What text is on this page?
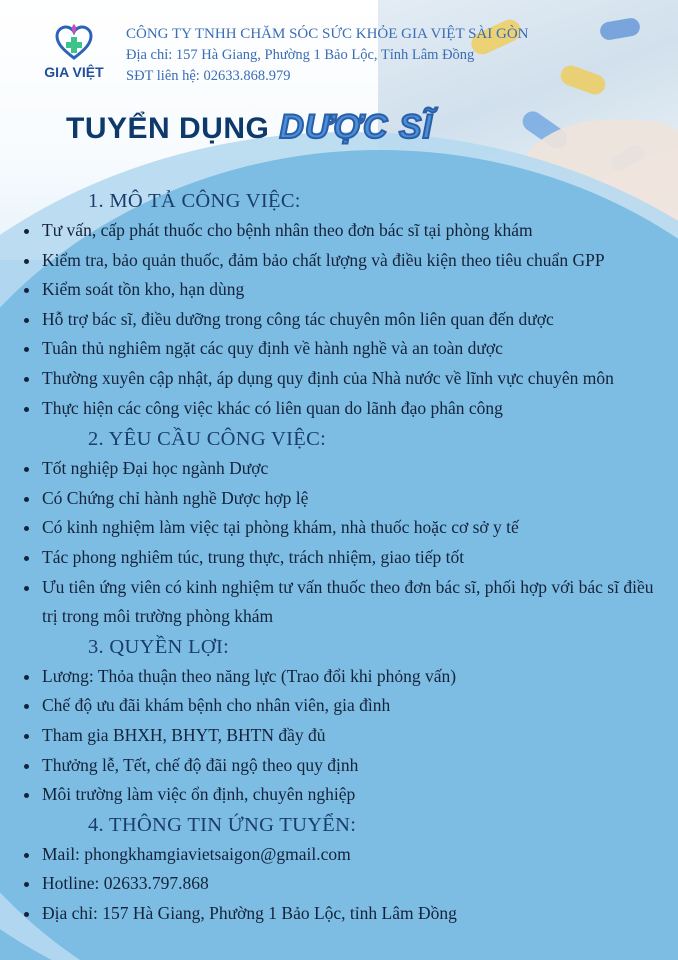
GIA VIỆT
CÔNG TY TNHH CHĂM SÓC SỨC KHỎE GIA VIỆT SÀI GÒN
Địa chỉ: 157 Hà Giang, Phường 1 Bảo Lộc, Tỉnh Lâm Đồng
SĐT liên hệ: 02633.868.979
TUYỂN DỤNG DƯỢC SĨ
1. MÔ TẢ CÔNG VIỆC:
Tư vấn, cấp phát thuốc cho bệnh nhân theo đơn bác sĩ tại phòng khám
Kiểm tra, bảo quản thuốc, đảm bảo chất lượng và điều kiện theo tiêu chuẩn GPP
Kiểm soát tồn kho, hạn dùng
Hỗ trợ bác sĩ, điều dưỡng trong công tác chuyên môn liên quan đến dược
Tuân thủ nghiêm ngặt các quy định về hành nghề và an toàn dược
Thường xuyên cập nhật, áp dụng quy định của Nhà nước về lĩnh vực chuyên môn
Thực hiện các công việc khác có liên quan do lãnh đạo phân công
2. YÊU CẦU CÔNG VIỆC:
Tốt nghiệp Đại học ngành Dược
Có Chứng chỉ hành nghề Dược hợp lệ
Có kinh nghiệm làm việc tại phòng khám, nhà thuốc hoặc cơ sở y tế
Tác phong nghiêm túc, trung thực, trách nhiệm, giao tiếp tốt
Ưu tiên ứng viên có kinh nghiệm tư vấn thuốc theo đơn bác sĩ, phối hợp với bác sĩ điều trị trong môi trường phòng khám
3. QUYỀN LỢI:
Lương: Thỏa thuận theo năng lực (Trao đổi khi phỏng vấn)
Chế độ ưu đãi khám bệnh cho nhân viên, gia đình
Tham gia BHXH, BHYT, BHTN đầy đủ
Thưởng lễ, Tết, chế độ đãi ngộ theo quy định
Môi trường làm việc ổn định, chuyên nghiệp
4. THÔNG TIN ỨNG TUYỂN:
Mail: phongkhamgiavietsaigon@gmail.com
Hotline: 02633.797.868
Địa chỉ: 157 Hà Giang, Phường 1 Bảo Lộc, tỉnh Lâm Đồng
